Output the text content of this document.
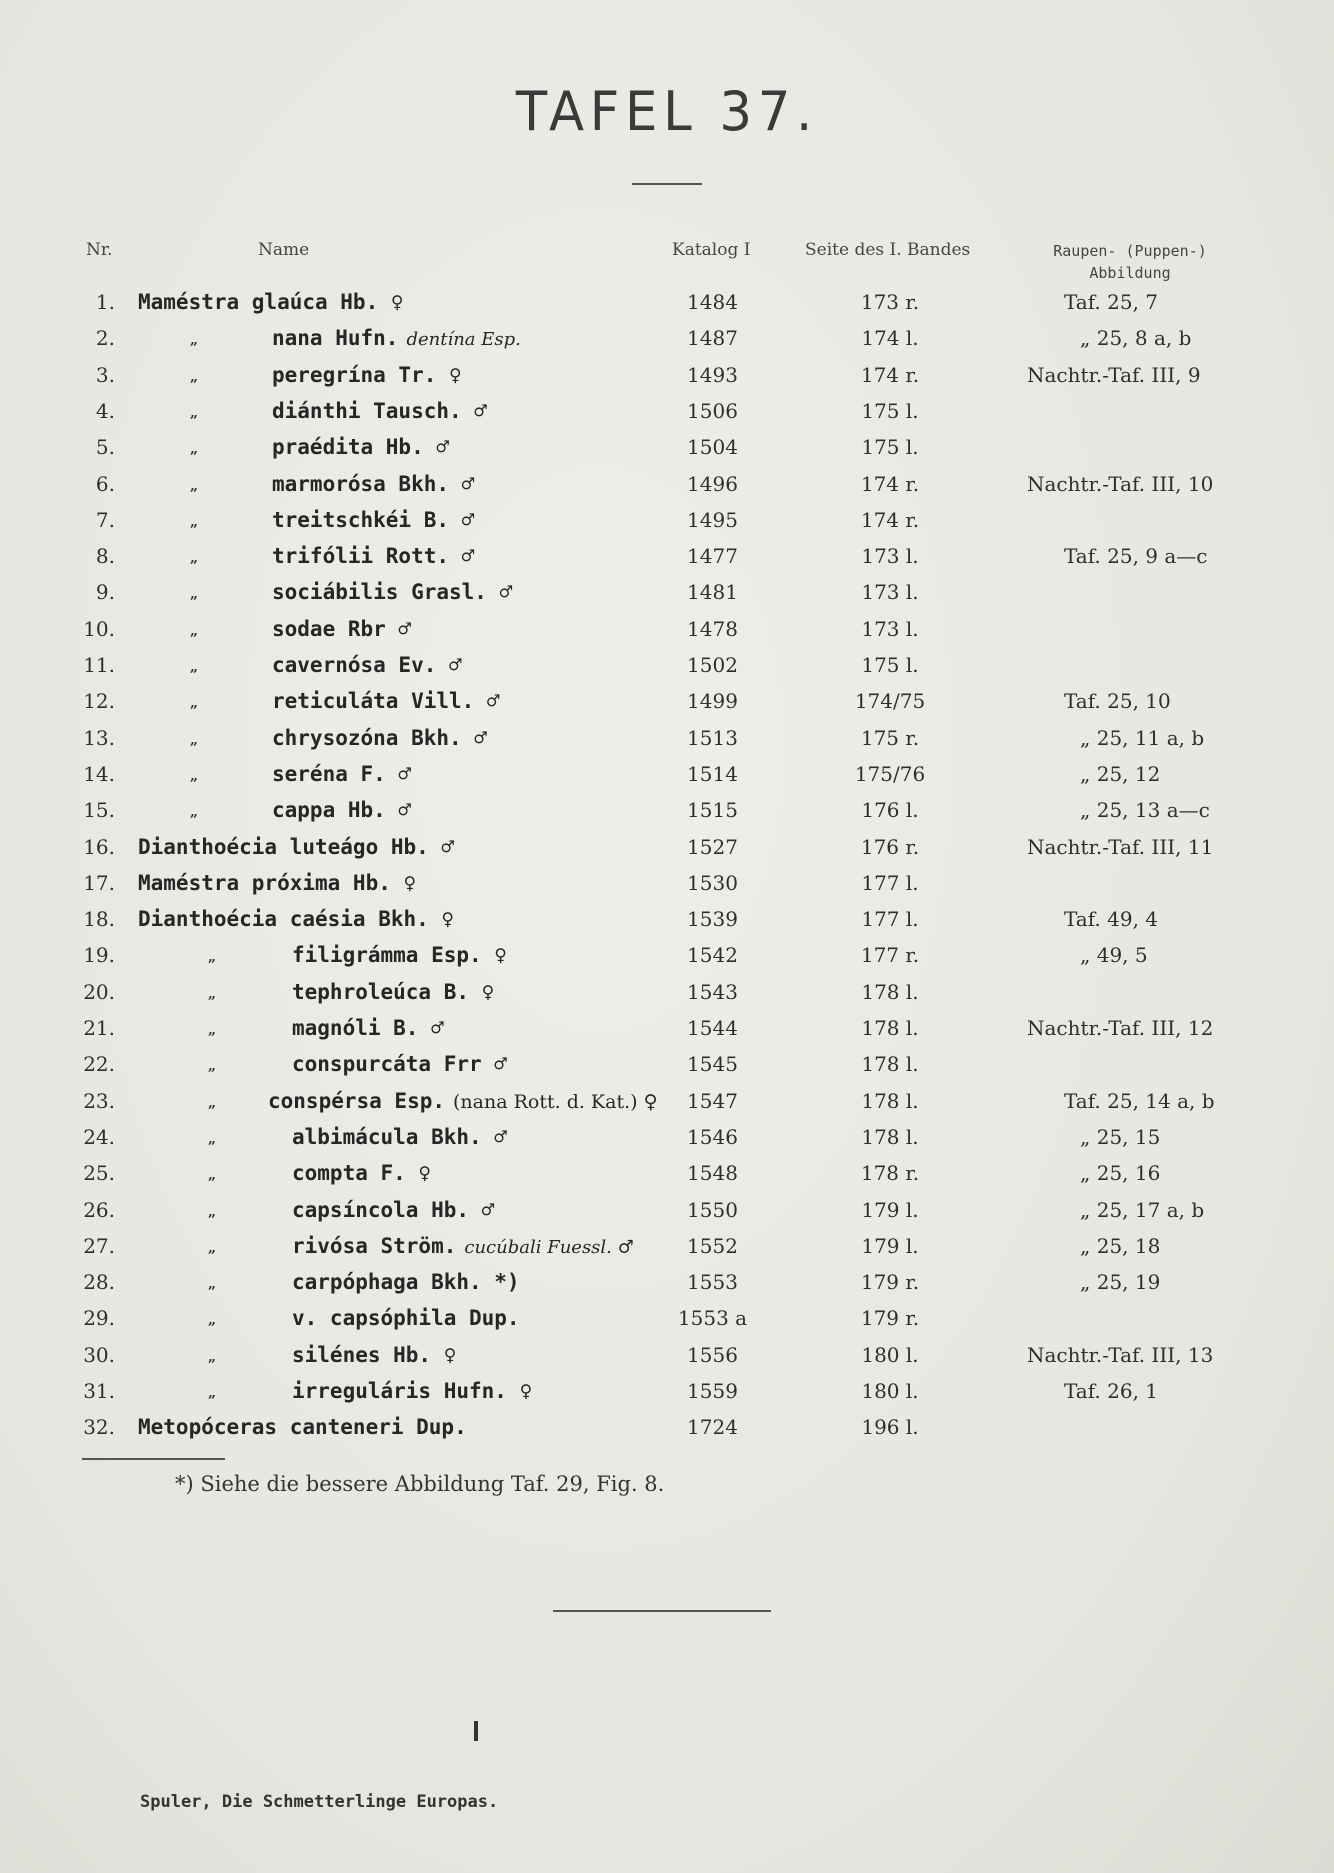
TAFEL 37.
Nr.	Name	Katalog I	Seite des I. Bandes	Raupen- (Puppen-)
Abbildung
1. Maméstra glaúca Hb. ♀	1484	173 r.	Taf. 25, 7
2.	„	nana Hufn. dentína Esp.	1487	174 l.	„ 25, 8 a, b
3.	„	peregrína Tr. ♀	1493	174 r.	Nachtr.-Taf. III, 9
4.	„	diánthi Tausch. ♂	1506	175 l.
5.	„	praédita Hb. ♂	1504	175 l.
6.	„	marmorósa Bkh. ♂	1496	174 r.	Nachtr.-Taf. III, 10
7.	„	treitschkéi B. ♂	1495	174 r.
8.	„	trifólii Rott. ♂	1477	173 l.	Taf. 25, 9 a—c
9.	„	sociábilis Grasl. ♂	1481	173 l.
10.	„	sodae Rbr ♂	1478	173 l.
11.	„	cavernósa Ev. ♂	1502	175 l.
12.	„	reticuláta Vill. ♂	1499	174/75	Taf. 25, 10
13.	„	chrysozóna Bkh. ♂	1513	175 r.	„ 25, 11 a, b
14.	„	seréna F. ♂	1514	175/76	„ 25, 12
15.	„	cappa Hb. ♂	1515	176 l.	„ 25, 13 a—c
16. Dianthoécia luteágo Hb. ♂	1527	176 r.	Nachtr.-Taf. III, 11
17. Maméstra próxima Hb. ♀	1530	177 l.
18. Dianthoécia caésia Bkh. ♀	1539	177 l.	Taf. 49, 4
19.	„	filigrámma Esp. ♀	1542	177 r.	„ 49, 5
20.	„	tephroleúca B. ♀	1543	178 l.
21.	„	magnóli B. ♂	1544	178 l.	Nachtr.-Taf. III, 12
22.	„	conspurcáta Frr ♂	1545	178 l.
23.	„ conspérsa Esp. (nana Rott. d. Kat.) ♀	1547	178 l.	Taf. 25, 14 a, b
24.	„	albimácula Bkh. ♂	1546	178 l.	„ 25, 15
25.	„	compta F. ♀	1548	178 r.	„ 25, 16
26.	„	capsíncola Hb. ♂	1550	179 l.	„ 25, 17 a, b
27.	„	rivósa Ström. cucúbali Fuessl. ♂	1552	179 l.	„ 25, 18
28.	„	carpóphaga Bkh. *)	1553	179 r.	„ 25, 19
29.	„	v. capsóphila Dup.	1553 a	179 r.
30.	„	silénes Hb. ♀	1556	180 l.	Nachtr.-Taf. III, 13
31.	„	irreguláris Hufn. ♀	1559	180 l.	Taf. 26, 1
32. Metopóceras canteneri Dup.	1724	196 l.
*) Siehe die bessere Abbildung Taf. 29, Fig. 8.
Spuler, Die Schmetterlinge Europas.
